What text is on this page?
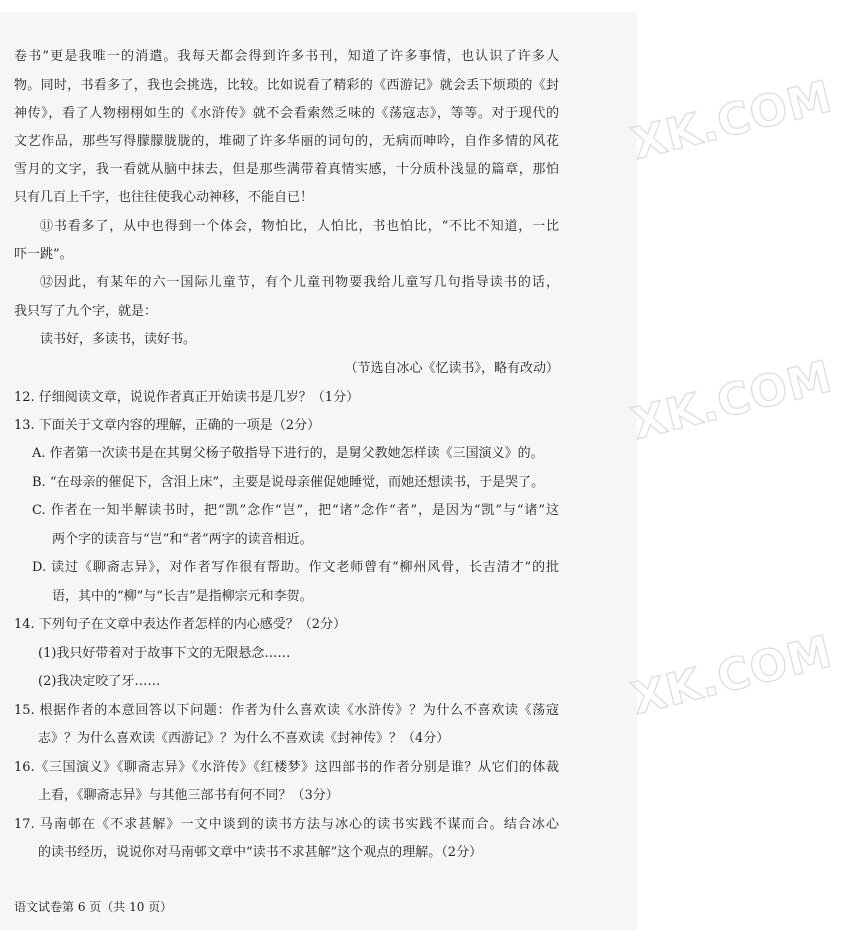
卷书”更是我唯一的消遣。我每天都会得到许多书刊，知道了许多事情，也认识了许多人
物。同时，书看多了，我也会挑选，比较。比如说看了精彩的《西游记》就会丢下烦琐的《封
神传》，看了人物栩栩如生的《水浒传》就不会看索然乏味的《荡寇志》，等等。对于现代的
文艺作品，那些写得朦朦胧胧的，堆砌了许多华丽的词句的，无病而呻吟，自作多情的风花
雪月的文字，我一看就从脑中抹去，但是那些满带着真情实感，十分质朴浅显的篇章，那怕
只有几百上千字，也往往使我心动神移，不能自已！
⑪书看多了，从中也得到一个体会，物怕比，人怕比，书也怕比，“不比不知道，一比
吓一跳”。
⑫因此，有某年的六一国际儿童节，有个儿童刊物要我给儿童写几句指导读书的话，
我只写了九个字，就是：
读书好，多读书，读好书。
（节选自冰心《忆读书》，略有改动）
12. 仔细阅读文章，说说作者真正开始读书是几岁？（1分）
13. 下面关于文章内容的理解，正确的一项是（2分）
A. 作者第一次读书是在其舅父杨子敬指导下进行的，是舅父教她怎样读《三国演义》的。
B. “在母亲的催促下，含泪上床”，主要是说母亲催促她睡觉，而她还想读书，于是哭了。
C. 作者在一知半解读书时，把“凯”念作“岂”，把“诸”念作“者”，是因为“凯”与“诸”这
两个字的读音与“岂”和“者”两字的读音相近。
D. 读过《聊斋志异》，对作者写作很有帮助。作文老师曾有“柳州风骨，长吉清才”的批
语，其中的“柳”与“长吉”是指柳宗元和李贺。
14. 下列句子在文章中表达作者怎样的内心感受？（2分）
(1)我只好带着对于故事下文的无限悬念……
(2)我决定咬了牙……
15. 根据作者的本意回答以下问题：作者为什么喜欢读《水浒传》？为什么不喜欢读《荡寇
志》？为什么喜欢读《西游记》？为什么不喜欢读《封神传》？（4分）
16.《三国演义》《聊斋志异》《水浒传》《红楼梦》这四部书的作者分别是谁？从它们的体裁
上看，《聊斋志异》与其他三部书有何不同？（3分）
17. 马南邨在《不求甚解》一文中谈到的读书方法与冰心的读书实践不谋而合。结合冰心
的读书经历，说说你对马南邨文章中“读书不求甚解”这个观点的理解。（2分）
语文试卷第 6 页（共 10 页）
XK.COM
XK.COM
XK.COM
